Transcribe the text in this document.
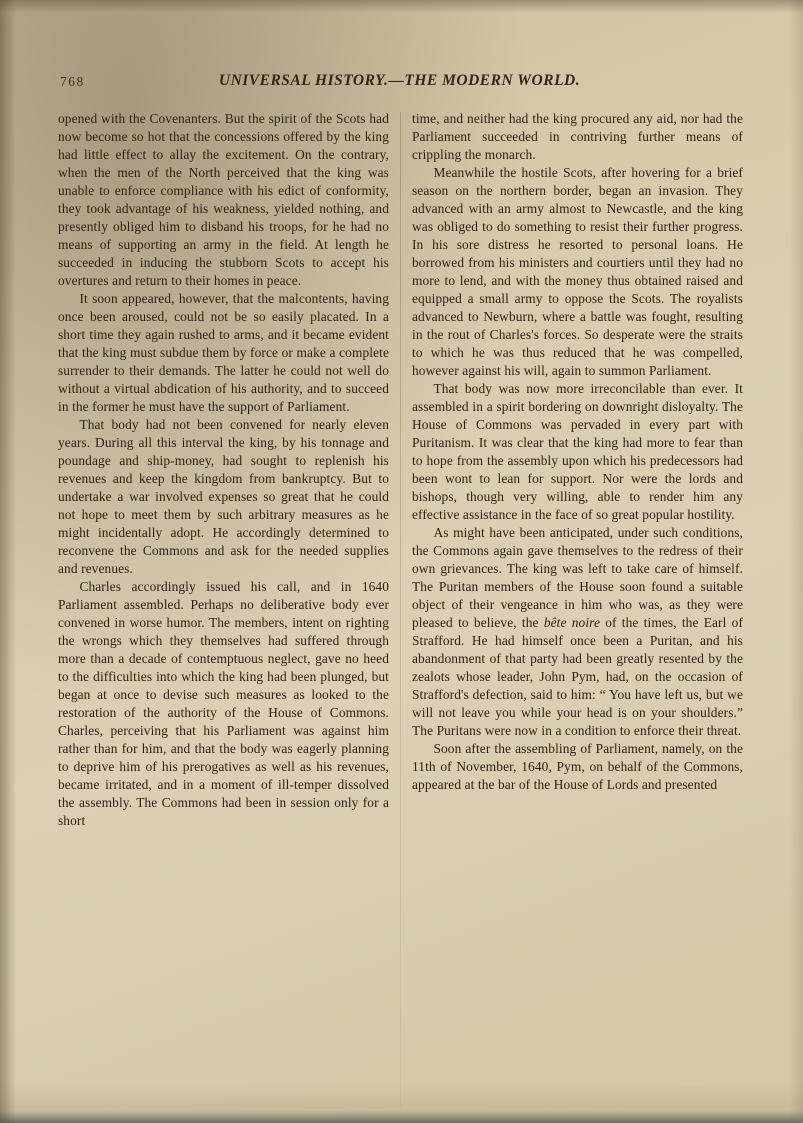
768	UNIVERSAL HISTORY.—THE MODERN WORLD.

opened with the Covenanters. But the spirit of the Scots had now become so hot that the concessions offered by the king had little effect to allay the excitement. On the contrary, when the men of the North perceived that the king was unable to enforce compliance with his edict of conformity, they took advantage of his weakness, yielded nothing, and presently obliged him to disband his troops, for he had no means of supporting an army in the field. At length he succeeded in inducing the stubborn Scots to accept his overtures and return to their homes in peace.

It soon appeared, however, that the malcontents, having once been aroused, could not be so easily placated. In a short time they again rushed to arms, and it became evident that the king must subdue them by force or make a complete surrender to their demands. The latter he could not well do without a virtual abdication of his authority, and to succeed in the former he must have the support of Parliament.

That body had not been convened for nearly eleven years. During all this interval the king, by his tonnage and poundage and ship-money, had sought to replenish his revenues and keep the kingdom from bankruptcy. But to undertake a war involved expenses so great that he could not hope to meet them by such arbitrary measures as he might incidentally adopt. He accordingly determined to reconvene the Commons and ask for the needed supplies and revenues.

Charles accordingly issued his call, and in 1640 Parliament assembled. Perhaps no deliberative body ever convened in worse humor. The members, intent on righting the wrongs which they themselves had suffered through more than a decade of contemptuous neglect, gave no heed to the difficulties into which the king had been plunged, but began at once to devise such measures as looked to the restoration of the authority of the House of Commons. Charles, perceiving that his Parliament was against him rather than for him, and that the body was eagerly planning to deprive him of his prerogatives as well as his revenues, became irritated, and in a moment of ill-temper dissolved the assembly. The Commons had been in session only for a short

time, and neither had the king procured any aid, nor had the Parliament succeeded in contriving further means of crippling the monarch.

Meanwhile the hostile Scots, after hovering for a brief season on the northern border, began an invasion. They advanced with an army almost to Newcastle, and the king was obliged to do something to resist their further progress. In his sore distress he resorted to personal loans. He borrowed from his ministers and courtiers until they had no more to lend, and with the money thus obtained raised and equipped a small army to oppose the Scots. The royalists advanced to Newburn, where a battle was fought, resulting in the rout of Charles's forces. So desperate were the straits to which he was thus reduced that he was compelled, however against his will, again to summon Parliament.

That body was now more irreconcilable than ever. It assembled in a spirit bordering on downright disloyalty. The House of Commons was pervaded in every part with Puritanism. It was clear that the king had more to fear than to hope from the assembly upon which his predecessors had been wont to lean for support. Nor were the lords and bishops, though very willing, able to render him any effective assistance in the face of so great popular hostility.

As might have been anticipated, under such conditions, the Commons again gave themselves to the redress of their own grievances. The king was left to take care of himself. The Puritan members of the House soon found a suitable object of their vengeance in him who was, as they were pleased to believe, the bête noire of the times, the Earl of Strafford. He had himself once been a Puritan, and his abandonment of that party had been greatly resented by the zealots whose leader, John Pym, had, on the occasion of Strafford's defection, said to him: “ You have left us, but we will not leave you while your head is on your shoulders.” The Puritans were now in a condition to enforce their threat.

Soon after the assembling of Parliament, namely, on the 11th of November, 1640, Pym, on behalf of the Commons, appeared at the bar of the House of Lords and presented
